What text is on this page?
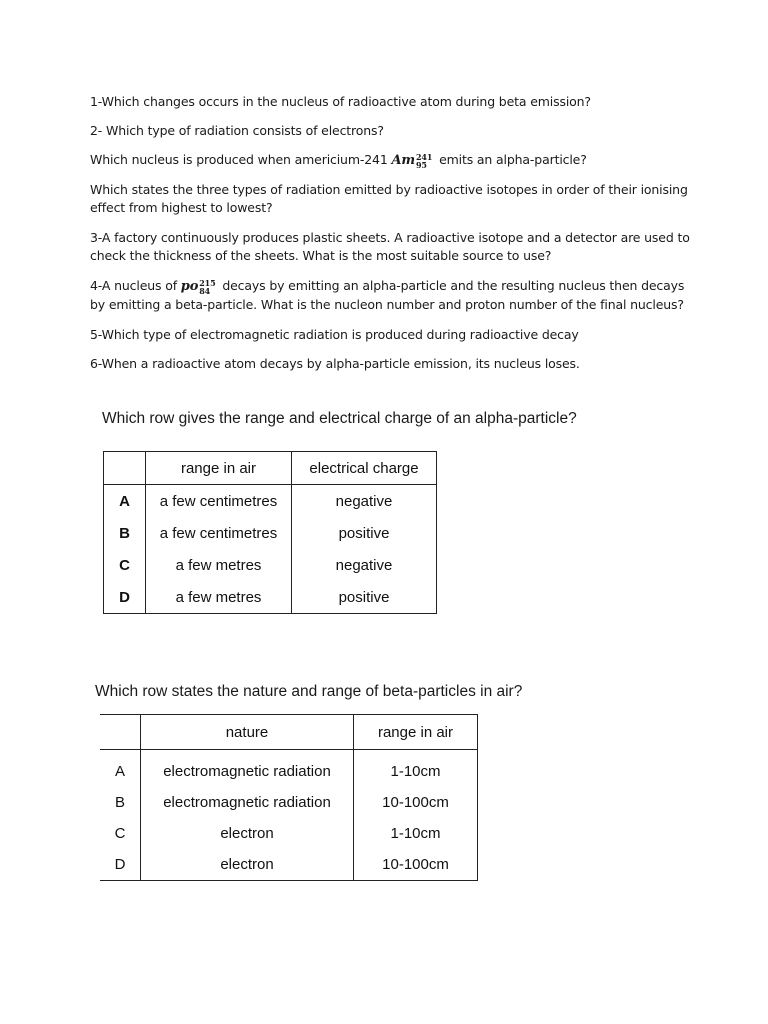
1-Which changes occurs in the nucleus of radioactive atom during beta emission?
2- Which type of radiation consists of electrons?
Which nucleus is produced when americium-241 Am 241
95 emits an alpha-particle?
Which states the three types of radiation emitted by radioactive isotopes in order of their ionising effect from highest to lowest?
3-A factory continuously produces plastic sheets. A radioactive isotope and a detector are used to check the thickness of the sheets. What is the most suitable source to use?
4-A nucleus of po 215
84 decays by emitting an alpha-particle and the resulting nucleus then decays by emitting a beta-particle. What is the nucleon number and proton number of the final nucleus?
5-Which type of electromagnetic radiation is produced during radioactive decay
6-When a radioactive atom decays by alpha-particle emission, its nucleus loses.
Which row gives the range and electrical charge of an alpha-particle?
	range in air	electrical charge
A	a few centimetres	negative
B	a few centimetres	positive
C	a few metres	negative
D	a few metres	positive
Which row states the nature and range of beta-particles in air?
	nature	range in air
A	electromagnetic radiation	1-10cm
B	electromagnetic radiation	10-100cm
C	electron	1-10cm
D	electron	10-100cm
